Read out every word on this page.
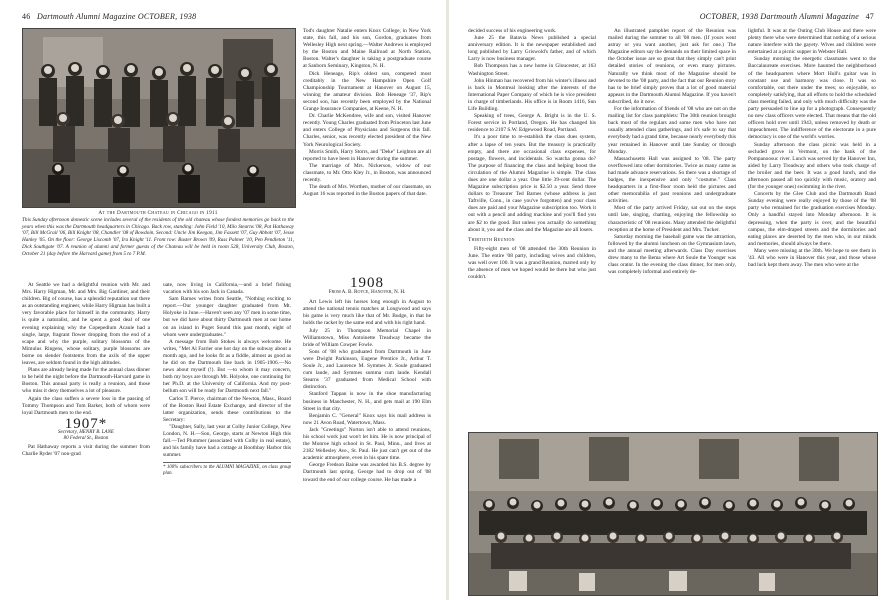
46 Dartmouth Alumni Magazine OCTOBER, 1938
At the Dartmouth Chateau in Chicago in 1911
This Sunday afternoon domestic scene includes several of the residents of the old chateau whose fondest memories go back to the years when this was the Dartmouth headquarters in Chicago. Back row, standing: John Field '10, Milo Stearns '08, Pat Hathaway '07, Bill McGrail '06, Bill Knight '08, Chandler '08 of Bowdoin. Second: Uncle Jim Keegan, Jim Fassett '07, Guy Abbott '07, Jesse Hanley '05. On the floor: George Liscomb '07, Ira Knight '11. Front row: Buster Brown '09, Russ Palmer '10, Pen Pendleton '11, Dick Southgate '07. A reunion of alumni and former guests of the Chateau will be held in room 528, University Club, Boston, October 21 (day before the Harvard game) from 5 to 7 P.M.

Tod's daughter Natalie enters Knox College, in New York state, this fall, and his son, Gordon, graduates from Wellesley High next spring.—Walter Andrews is employed by the Boston and Maine Railroad at North Station, Boston. Walter's daughter is taking a postgraduate course at Sanborn Seminary, Kingston, N. H.

Dick Heneage, Rip's oldest son, competed most creditably in the New Hampshire Open Golf Championship Tournament at Hanover on August 15, winning the amateur division. Bob Heneage '37, Rip's second son, has recently been employed by the National Grange Insurance Companies, at Keene, N. H.

Dr. Charlie McKendree, wife and son, visited Hanover recently. Young Charles graduated from Princeton last June and enters College of Physicians and Surgeons this fall. Charles, senior, was recently elected president of the New York Neurological Society.

Morris Smith, Harry Storrs, and "Deke" Leighton are all reported to have been in Hanover during the summer.

The marriage of Mrs. Nickerson, widow of our classmate, to Mr. Otto Kley Jr., in Boston, was announced recently.

The death of Mrs. Worthen, mother of our classmate, on August 16 was reported in the Boston papers of that date.

At Seattle we had a delightful reunion with Mr. and Mrs. Harry Higman, Mr. and Mrs. Big Gardiner, and their children. Big of course, has a splendid reputation out there as an outstanding engineer, while Harry Higman has built a very favorable place for himself in the community. Harry is quite a naturalist, and he spent a good deal of one evening explaining why the Copepedium Acaule had a single, large, fragrant flower dropping from the end of a scape and why the purple, solitary blossoms of the Mimulus Ringens, whose solitary, purple blossoms are borne on slender footstems from the axils of the upper leaves, are seldom found in the high altitudes.

Plans are already being made for the annual class dinner to be held the night before the Dartmouth-Harvard game in Boston. This annual party is really a reunion, and those who miss it deny themselves a lot of pleasure.

Again the class suffers a severe loss in the passing of Tommy Thompson and Tom Barker, both of whom were loyal Dartmouth men to the end.

1907*
Secretary, HENRY B. LANE
80 Federal St., Boston

Pat Hathaway reports a visit during the summer from Charlie Ryder '07 non-grad

uate, now living in California,—and a brief fishing vacation with his son Jack in Canada.

Sam Barnes writes from Seattle, "Nothing exciting to report.—Our younger daughter graduated from Mt. Holyoke in June.—Haven't seen any '07 men in some time, but we did have about thirty Dartmouth men at our home on an island in Puget Sound this past month, eight of whom were undergraduates."

A message from Bob Stokes is always welcome. He writes, "Met Al Farrier one hot day on the subway about a month ago, and he looks fit as a fiddle, almost as good as he did on the Dartmouth line back in 1905-1906.—No news about myself (!). But —to whom it may concern, both my boys are through Mt. Holyoke, one continuing for her Ph.D. at the University of California. And my post-bellum son will be ready for Dartmouth next fall."

Carlos T. Pierce, chairman of the Newton, Mass., Board of the Boston Real Estate Exchange, and director of the latter organization, sends these contributions to the Secretary:

"Daughter, Sally, last year at Colby Junior College, New London, N. H.—Son, George, starts at Newton High this fall.—Ted Plummer (associated with Colby in real estate), and his family have had a cottage at Boothbay Harbor this summer.

* 100% subscribers to the ALUMNI MAGAZINE, on class group plan.
1908
From A. B. Royce, Hanover, N. H.

Art Lewis left his horses long enough in August to attend the national tennis matches at Longwood and says his game is very much like that of Mr. Budge, in that he holds the racket by the same end and with his right hand.

July 25 in Thompson Memorial Chapel in Williamstown, Miss Antoinette Treadway became the bride of William Cowper Fowle.

Sons of '08 who graduated from Dartmouth in June were Dwight Parkinson, Eugene Prentice Jr., Arthur T. Soule Jr., and Laurence M. Symmes Jr. Soule graduated cum laude, and Symmes summa cum laude. Kendall Stearns '37 graduated from Medical School with distinction.

Stanford Tappan is now in the shoe manufacturing business in Manchester, N. H., and gets mail at 190 Elm Street in that city.

Benjamin C. "General" Knox says his mail address is now 21 Avon Road, Watertown, Mass.

Jack "Greetings" Norton isn't able to attend reunions, his school work just won't let him. He is now principal of the Monroe high school in St. Paul, Minn., and lives at 2182 Wellesley Ave., St. Paul. He just can't get out of the academic atmosphere, even in his spare time.

George Fredson Baine was awarded his B.S. degree by Dartmouth last spring. George had to drop out of '08 toward the end of our college course. He has made a

OCTOBER, 1938 Dartmouth Alumni Magazine 47

decided success of his engineering work.

June 25 the Batavia News published a special anniversary edition. It is the newspaper established and long published by Larry Griswold's father, and of which Larry is now business manager.

Bob Thompson has a new home in Gloucester, at 163 Washington Street.

John Hinman has recovered from his winter's illness and is back in Montreal looking after the interests of the International Paper Company of which he is vice president in charge of timberlands. His office is in Room 1416, Sun Life Building.

Speaking of trees, George A. Bright is in the U. S. Forest service in Portland, Oregon. He has changed his residence to 2107 S.W. Edgewood Road, Portland.

It's a poor time to re-establish the class dues system, after a lapse of ten years. But the treasury is practically empty, and there are occasional class expenses, for postage, flowers, and incidentals. So watcha gonna do? The purpose of financing the class and helping boost the circulation of the Alumni Magazine is simple. The class dues are one dollar a year. One little 39-cent dollar. The Magazine subscription price is $2.50 a year. Send three dollars to Treasurer Ted Barnes (whose address is just Taftville, Conn., in case you've forgotten) and your class dues are paid and your Magazine subscription too. Work it out with a pencil and adding machine and you'll find you are $2 to the good. But unless you actually do something about it, you and the class and the Magazine are all losers.

Thirtieth Reunion

Fifty-eight men of '08 attended the 30th Reunion in June. The entire '08 party, including wives and children, was well over 100. It was a grand Reunion, marred only by the absence of men we hoped would be there but who just couldn't.

An illustrated pamphlet report of the Reunion was mailed during the summer to all '08 men. (If yours went astray or you want another, just ask for one.) The Magazine editors say the demands on their limited space in the October issue are so great that they simply can't print detailed stories of reunions, or even many pictures. Naturally we think most of the Magazine should be devoted to the '08 party, and the fact that our Reunion story has to be brief simply proves that a lot of good material appears in the Dartmouth Alumni Magazine. If you haven't subscribed, do it now.

For the information of friends of '08 who are not on the mailing list for class pamphlets: The 30th reunion brought back most of the regulars and some men who have not usually attended class gatherings, and it's safe to say that everybody had a grand time, because nearly everybody this year remained in Hanover until late Sunday or through Monday.

Massachusetts Hall was assigned to '08. The party overflowed into other dormitories. Twice as many came as had made advance reservations. So there was a shortage of badges, the inexpensive and only "costume." Class headquarters in a first-floor room held the pictures and other memorabilia of past reunions and undergraduate activities.

Most of the party arrived Friday, sat out on the steps until late, singing, chatting, enjoying the fellowship so characteristic of '08 reunions. Many attended the delightful reception at the home of President and Mrs. Tucker.

Saturday morning the baseball game was the attraction, followed by the alumni luncheon on the Gymnasium lawn, and the annual meeting afterwards. Class Day exercises drew many to the Bema where Art Soule the Younger was class orator. In the evening the class dinner, for men only, was completely informal and entirely de-

lightful. It was at the Outing Club House and there were plenty there who were determined that nothing of a serious nature interfere with the gayety. Wives and children were entertained at a picnic supper in Webster Hall.

Sunday morning the energetic classmates went to the Baccalaureate exercises. More haunted the neighborhood of the headquarters where Mort Hull's guitar was in constant use and harmony was close. It was so comfortable, out there under the trees; so enjoyable, so completely satisfying, that all efforts to hold the scheduled class meeting failed, and only with much difficulty was the party persuaded to line up for a photograph. Consequently no new class officers were elected. That means that the old officers hold over until 1943, unless removed by death or impeachment. The indifference of the electorate in a pure democracy is one of the world's worries.

Sunday afternoon the class picnic was held in a secluded grove in Vermont, on the bank of the Pompanoosuc river. Lunch was served by the Hanover Inn, aided by Larry Treadway and others who took charge of the broiler and the beer. It was a good lunch, and the afternoon passed all too quickly with music, oratory and (for the younger ones) swimming in the river.

Concerts by the Glee Club and the Dartmouth Band Sunday evening were really enjoyed by those of the '08 party who remained for the graduation exercises Monday. Only a handful stayed into Monday afternoon. It is depressing, when the party is over, and the beautiful campus, the elm-draped streets and the dormitories and eating places are deserted by the men who, in our minds and memories, should always be there.

Many were missing at the 30th. We hope to see them in '43. All who were in Hanover this year, and those whose bad luck kept them away. The men who were at the
